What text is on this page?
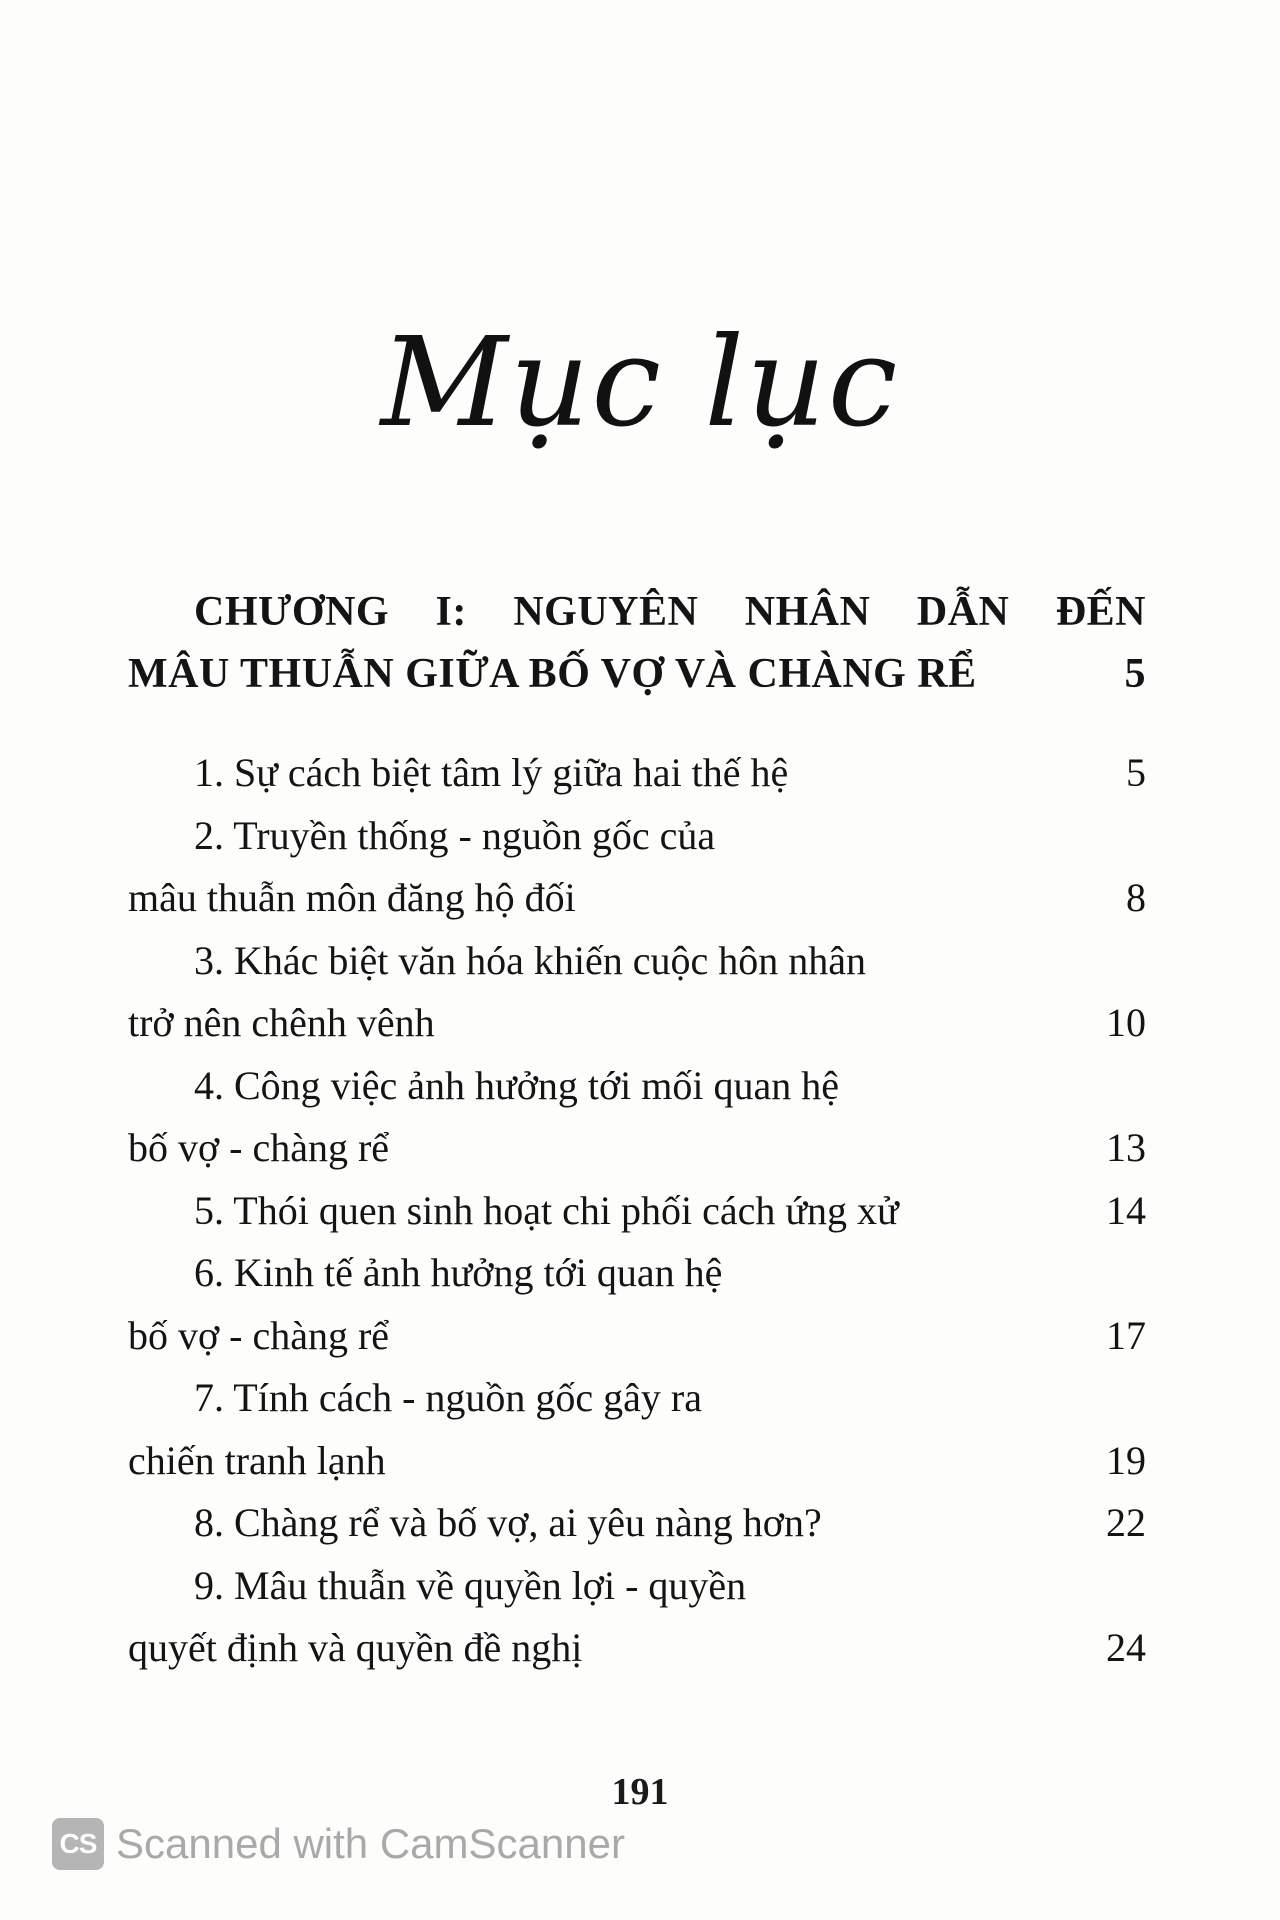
Mục lục
CHƯƠNG I: NGUYÊN NHÂN DẪN ĐẾN
MÂU THUẪN GIỮA BỐ VỢ VÀ CHÀNG RỂ	5
1. Sự cách biệt tâm lý giữa hai thế hệ	5
2. Truyền thống - nguồn gốc của
mâu thuẫn môn đăng hộ đối	8
3. Khác biệt văn hóa khiến cuộc hôn nhân
trở nên chênh vênh	10
4. Công việc ảnh hưởng tới mối quan hệ
bố vợ - chàng rể	13
5. Thói quen sinh hoạt chi phối cách ứng xử	14
6. Kinh tế ảnh hưởng tới quan hệ
bố vợ - chàng rể	17
7. Tính cách - nguồn gốc gây ra
chiến tranh lạnh	19
8. Chàng rể và bố vợ, ai yêu nàng hơn?	22
9. Mâu thuẫn về quyền lợi - quyền
quyết định và quyền đề nghị	24
191
CS Scanned with CamScanner
